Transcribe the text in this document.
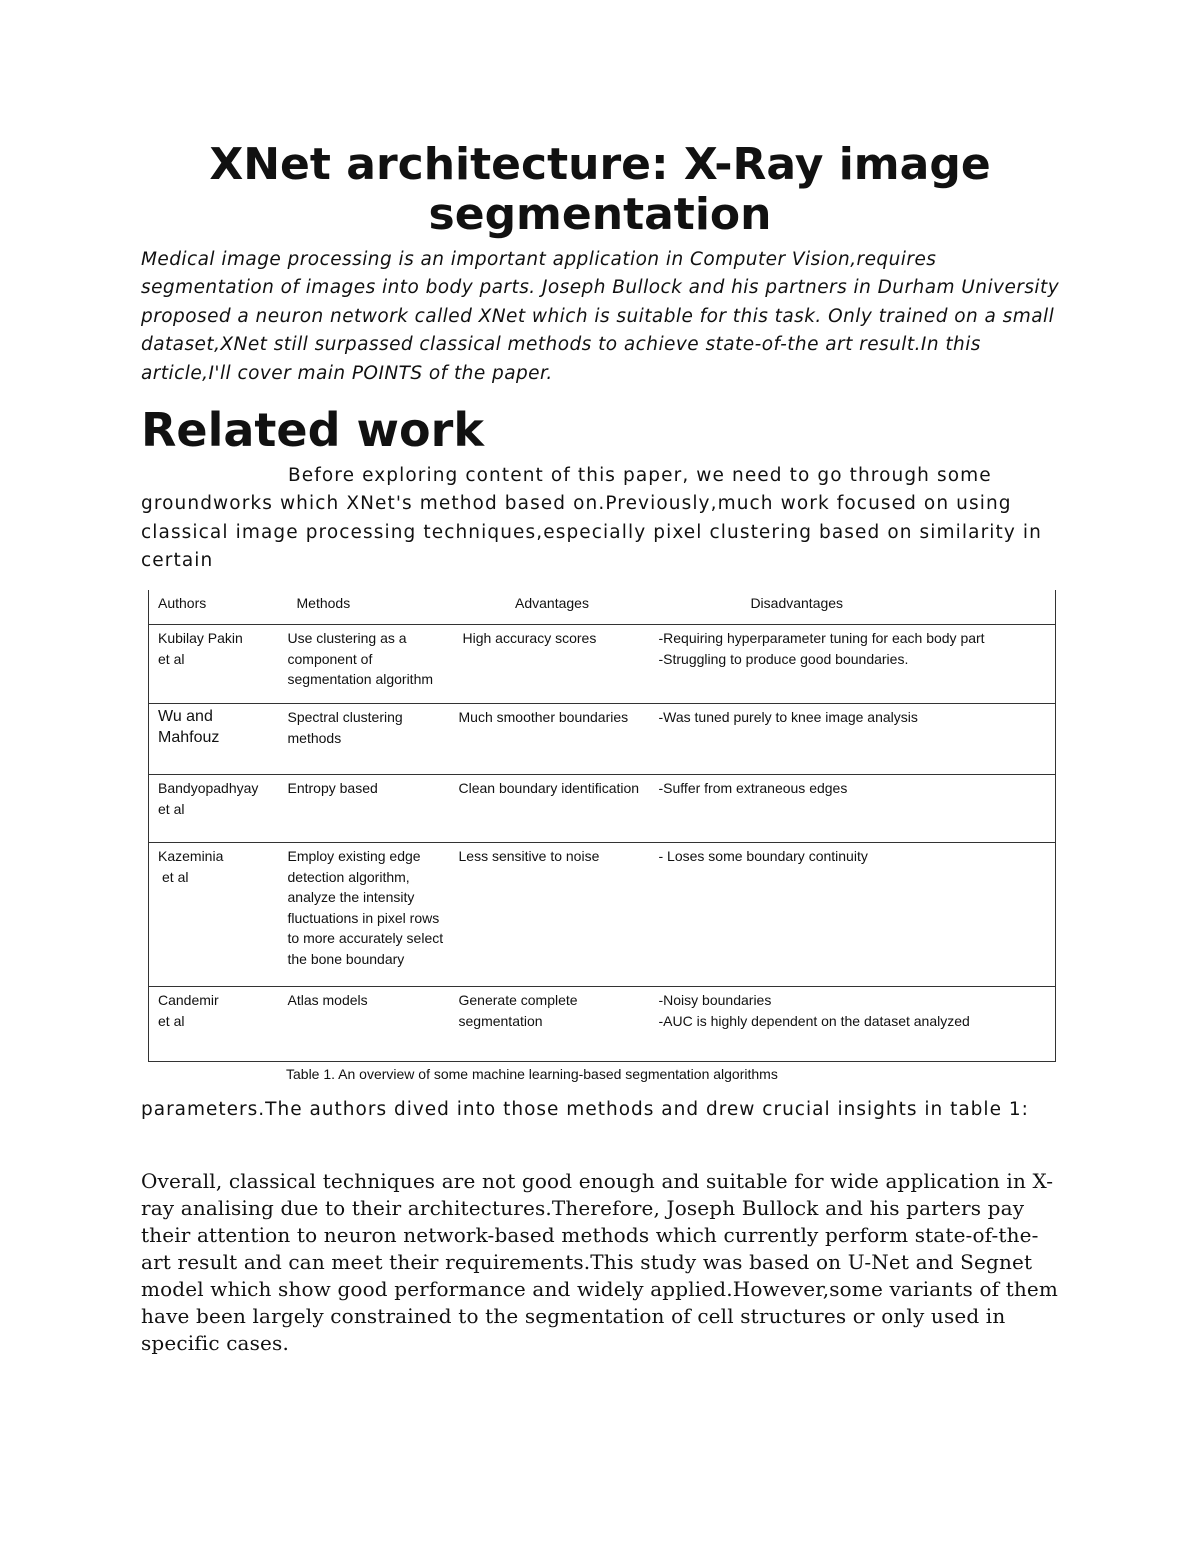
XNet architecture: X-Ray image segmentation

Medical image processing is an important application in Computer Vision,requires segmentation of images into body parts. Joseph Bullock and his partners in Durham University proposed a neuron network called XNet which is suitable for this task. Only trained on a small dataset,XNet still surpassed classical methods to achieve state-of-the art result.In this article,I'll cover main POINTS of the paper.

Related work

Before exploring content of this paper, we need to go through some groundworks which XNet's method based on.Previously,much work focused on using classical image processing techniques,especially pixel clustering based on similarity in certain

Authors	Methods	Advantages	Disadvantages

Kubilay Pakin
et al	Use clustering as a component of segmentation algorithm	High accuracy scores	-Requiring hyperparameter tuning for each body part
-Struggling to produce good boundaries.

Wu and
Mahfouz	Spectral clustering methods	Much smoother boundaries	-Was tuned purely to knee image analysis

Bandyopadhyay
et al	Entropy based	Clean boundary identification	-Suffer from extraneous edges

Kazeminia
et al	Employ existing edge detection algorithm, analyze the intensity fluctuations in pixel rows to more accurately select the bone boundary	Less sensitive to noise	- Loses some boundary continuity

Candemir
et al	Atlas models	Generate complete segmentation	-Noisy boundaries
-AUC is highly dependent on the dataset analyzed

Table 1. An overview of some machine learning-based segmentation algorithms

parameters.The authors dived into those methods and drew crucial insights in table 1:

Overall, classical techniques are not good enough and suitable for wide application in X-ray analising due to their architectures.Therefore, Joseph Bullock and his parters pay their attention to neuron network-based methods which currently perform state-of-the-art result and can meet their requirements.This study was based on U-Net and Segnet model which show good performance and widely applied.However,some variants of them have been largely constrained to the segmentation of cell structures or only used in specific cases.
